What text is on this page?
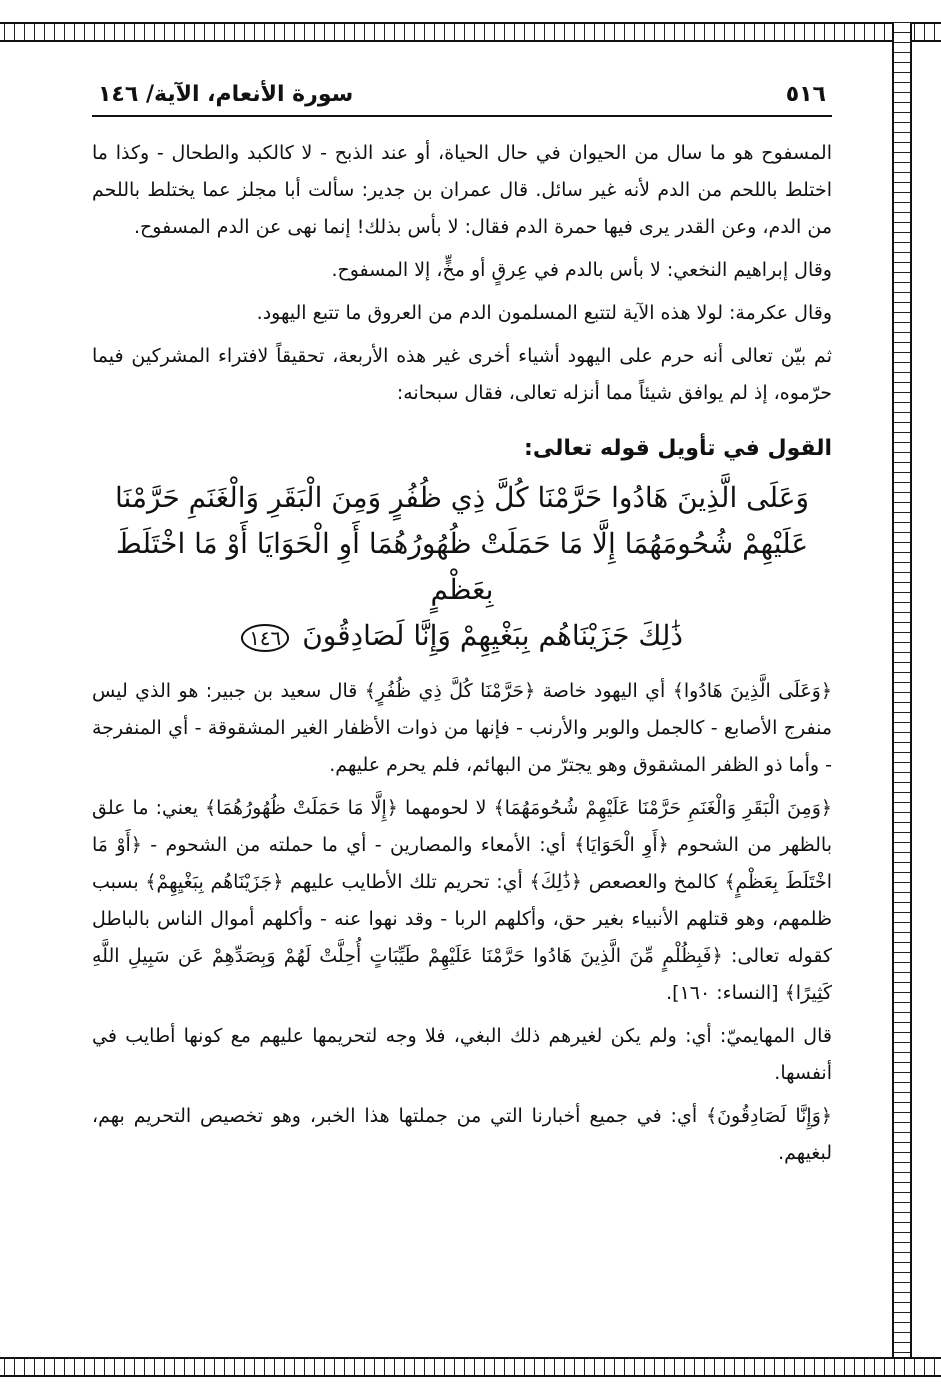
٥١٦
سورة الأنعام، الآية/ ١٤٦

المسفوح هو ما سال من الحيوان في حال الحياة، أو عند الذبح - لا كالكبد والطحال - وكذا ما اختلط باللحم من الدم لأنه غير سائل. قال عمران بن جدير: سألت أبا مجلز عما يختلط باللحم من الدم، وعن القدر يرى فيها حمرة الدم فقال: لا بأس بذلك! إنما نهى عن الدم المسفوح.

وقال إبراهيم النخعي: لا بأس بالدم في عِرقٍ أو مخٍّ، إلا المسفوح.

وقال عكرمة: لولا هذه الآية لتتبع المسلمون الدم من العروق ما تتبع اليهود.

ثم بيّن تعالى أنه حرم على اليهود أشياء أخرى غير هذه الأربعة، تحقيقاً لافتراء المشركين فيما حرّموه، إذ لم يوافق شيئاً مما أنزله تعالى، فقال سبحانه:

القول في تأويل قوله تعالى:
وَعَلَى الَّذِينَ هَادُوا حَرَّمْنَا كُلَّ ذِي ظُفُرٍ وَمِنَ الْبَقَرِ وَالْغَنَمِ حَرَّمْنَا
عَلَيْهِمْ شُحُومَهُمَا إِلَّا مَا حَمَلَتْ ظُهُورُهُمَا أَوِ الْحَوَايَا أَوْ مَا اخْتَلَطَ بِعَظْمٍ
ذَٰلِكَ جَزَيْنَاهُم بِبَغْيِهِمْ وَإِنَّا لَصَادِقُونَ ١٤٦

﴿وَعَلَى الَّذِينَ هَادُوا﴾ أي اليهود خاصة ﴿حَرَّمْنَا كُلَّ ذِي ظُفُرٍ﴾ قال سعيد بن جبير: هو الذي ليس منفرج الأصابع - كالجمل والوبر والأرنب - فإنها من ذوات الأظفار الغير المشقوقة - أي المنفرجة - وأما ذو الظفر المشقوق وهو يجترّ من البهائم، فلم يحرم عليهم.

﴿وَمِنَ الْبَقَرِ وَالْغَنَمِ حَرَّمْنَا عَلَيْهِمْ شُحُومَهُمَا﴾ لا لحومهما ﴿إِلَّا مَا حَمَلَتْ ظُهُورُهُمَا﴾ يعني: ما علق بالظهر من الشحوم ﴿أَوِ الْحَوَايَا﴾ أي: الأمعاء والمصارين - أي ما حملته من الشحوم - ﴿أَوْ مَا اخْتَلَطَ بِعَظْمٍ﴾ كالمخ والعصعص ﴿ذَٰلِكَ﴾ أي: تحريم تلك الأطايب عليهم ﴿جَزَيْنَاهُم بِبَغْيِهِمْ﴾ بسبب ظلمهم، وهو قتلهم الأنبياء بغير حق، وأكلهم الربا - وقد نهوا عنه - وأكلهم أموال الناس بالباطل كقوله تعالى: ﴿فَبِظُلْمٍ مِّنَ الَّذِينَ هَادُوا حَرَّمْنَا عَلَيْهِمْ طَيِّبَاتٍ أُحِلَّتْ لَهُمْ وَبِصَدِّهِمْ عَن سَبِيلِ اللَّهِ كَثِيرًا﴾ [النساء: ١٦٠].

قال المهايميّ: أي: ولم يكن لغيرهم ذلك البغي، فلا وجه لتحريمها عليهم مع كونها أطايب في أنفسها.

﴿وَإِنَّا لَصَادِقُونَ﴾ أي: في جميع أخبارنا التي من جملتها هذا الخبر، وهو تخصيص التحريم بهم، لبغيهم.
